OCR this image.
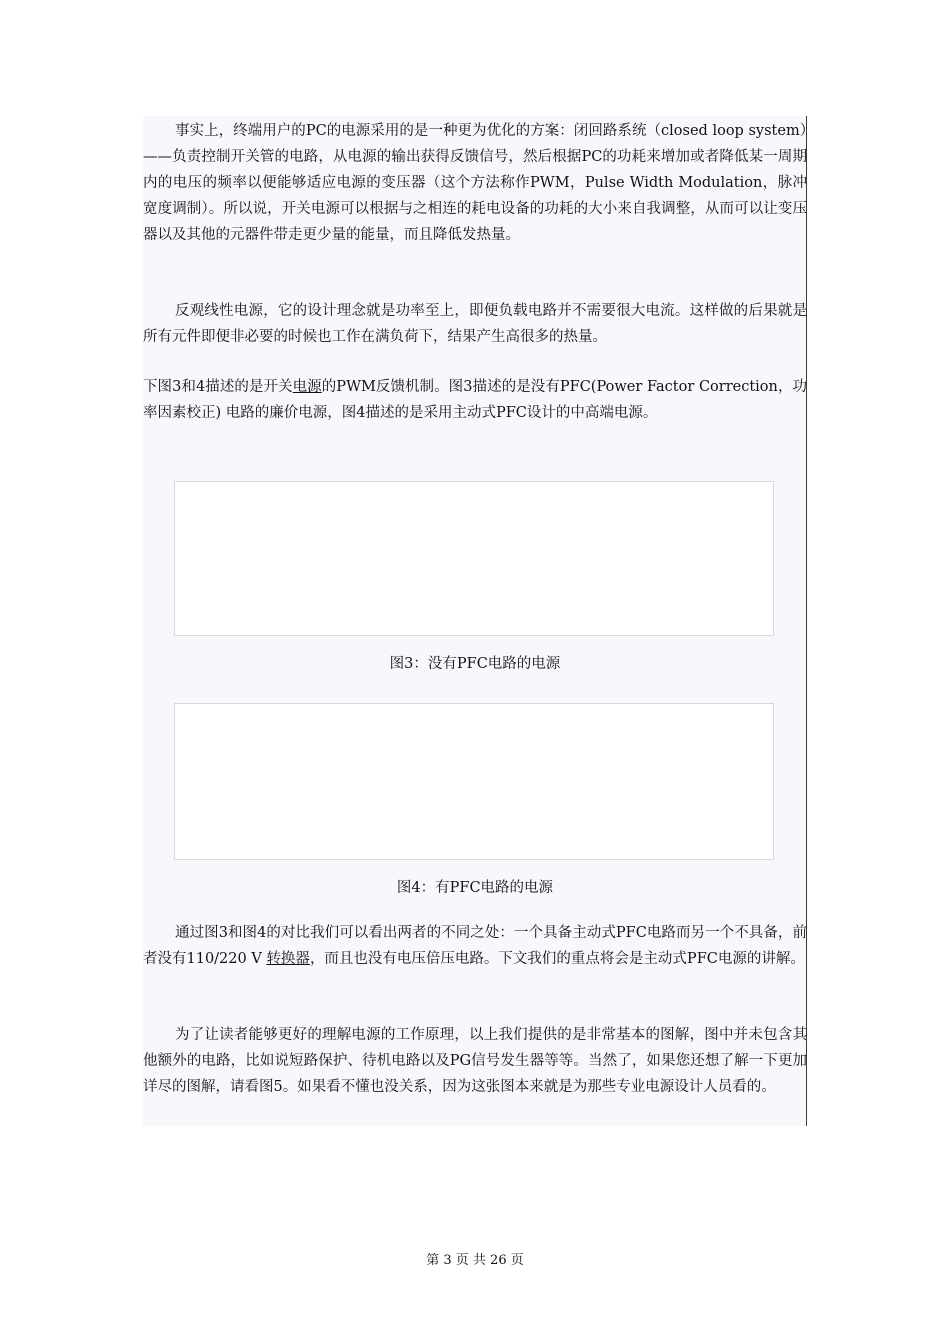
事实上，终端用户的PC的电源采用的是一种更为优化的方案：闭回路系统（closed loop system）——负责控制开关管的电路，从电源的输出获得反馈信号，然后根据PC的功耗来增加或者降低某一周期内的电压的频率以便能够适应电源的变压器（这个方法称作PWM，Pulse Width Modulation，脉冲宽度调制）。所以说，开关电源可以根据与之相连的耗电设备的功耗的大小来自我调整，从而可以让变压器以及其他的元器件带走更少量的能量，而且降低发热量。

反观线性电源，它的设计理念就是功率至上，即便负载电路并不需要很大电流。这样做的后果就是所有元件即便非必要的时候也工作在满负荷下，结果产生高很多的热量。

下图3和4描述的是开关电源的PWM反馈机制。图3描述的是没有PFC(Power Factor Correction，功率因素校正) 电路的廉价电源，图4描述的是采用主动式PFC设计的中高端电源。

图3：没有PFC电路的电源
图4：有PFC电路的电源

通过图3和图4的对比我们可以看出两者的不同之处：一个具备主动式PFC电路而另一个不具备，前者没有110/220 V 转换器，而且也没有电压倍压电路。下文我们的重点将会是主动式PFC电源的讲解。

为了让读者能够更好的理解电源的工作原理，以上我们提供的是非常基本的图解，图中并未包含其他额外的电路，比如说短路保护、待机电路以及PG信号发生器等等。当然了，如果您还想了解一下更加详尽的图解，请看图5。如果看不懂也没关系，因为这张图本来就是为那些专业电源设计人员看的。

第 3 页 共 26 页
